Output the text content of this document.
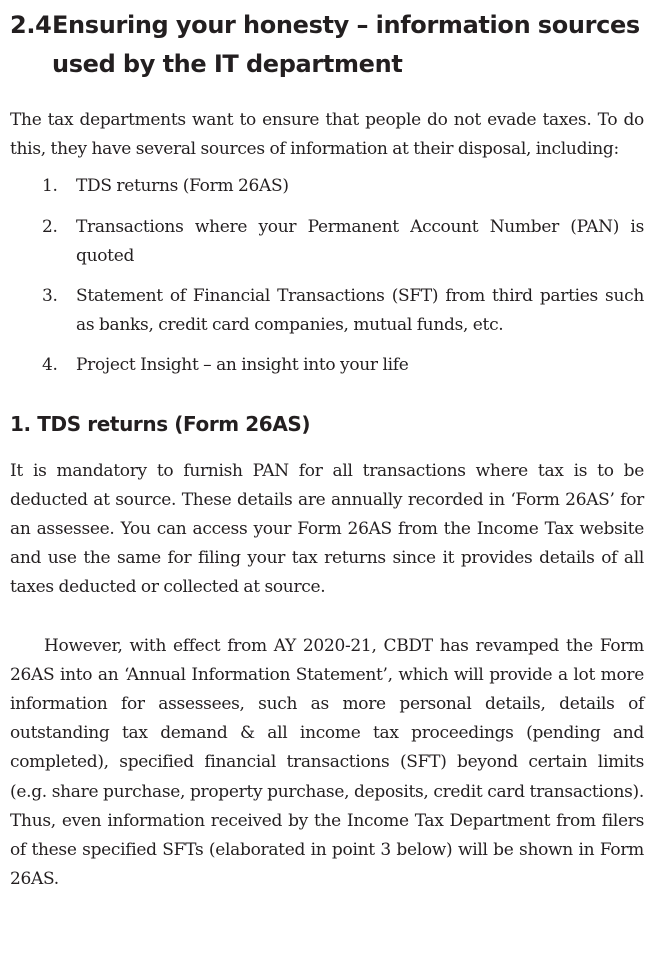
2.4Ensuring your honesty – information sources
used by the IT department

The tax departments want to ensure that people do not evade taxes. To do this, they have several sources of information at their disposal, including:

1. TDS returns (Form 26AS)
2. Transactions where your Permanent Account Number (PAN) is quoted
3. Statement of Financial Transactions (SFT) from third parties such as banks, credit card companies, mutual funds, etc.
4. Project Insight – an insight into your life
1. TDS returns (Form 26AS)

It is mandatory to furnish PAN for all transactions where tax is to be deducted at source. These details are annually recorded in ‘Form 26AS’ for an assessee. You can access your Form 26AS from the Income Tax website and use the same for filing your tax returns since it provides details of all taxes deducted or collected at source.

However, with effect from AY 2020-21, CBDT has revamped the Form 26AS into an ‘Annual Information Statement’, which will provide a lot more information for assessees, such as more personal details, details of outstanding tax demand & all income tax proceedings (pending and completed), specified financial transactions (SFT) beyond certain limits (e.g. share purchase, property purchase, deposits, credit card transactions). Thus, even information received by the Income Tax Department from filers of these specified SFTs (elaborated in point 3 below) will be shown in Form 26AS.
